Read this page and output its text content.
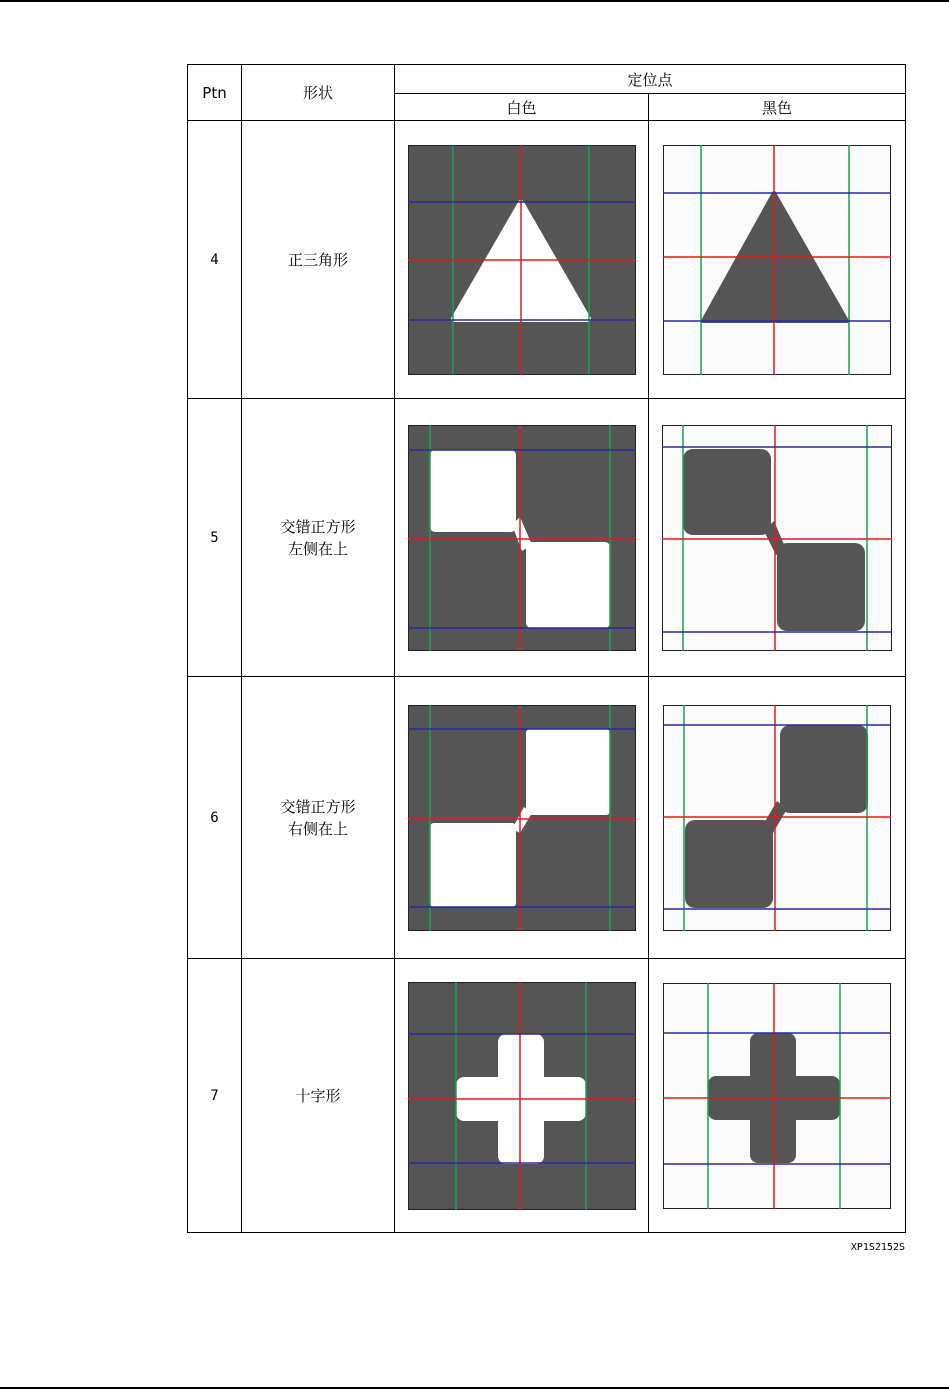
Ptn	形状	定位点	
		白色	黑色
4	正三角形

5	交错正方形
左侧在上

6	交错正方形
右侧在上

7	十字形

XP1S2152S
